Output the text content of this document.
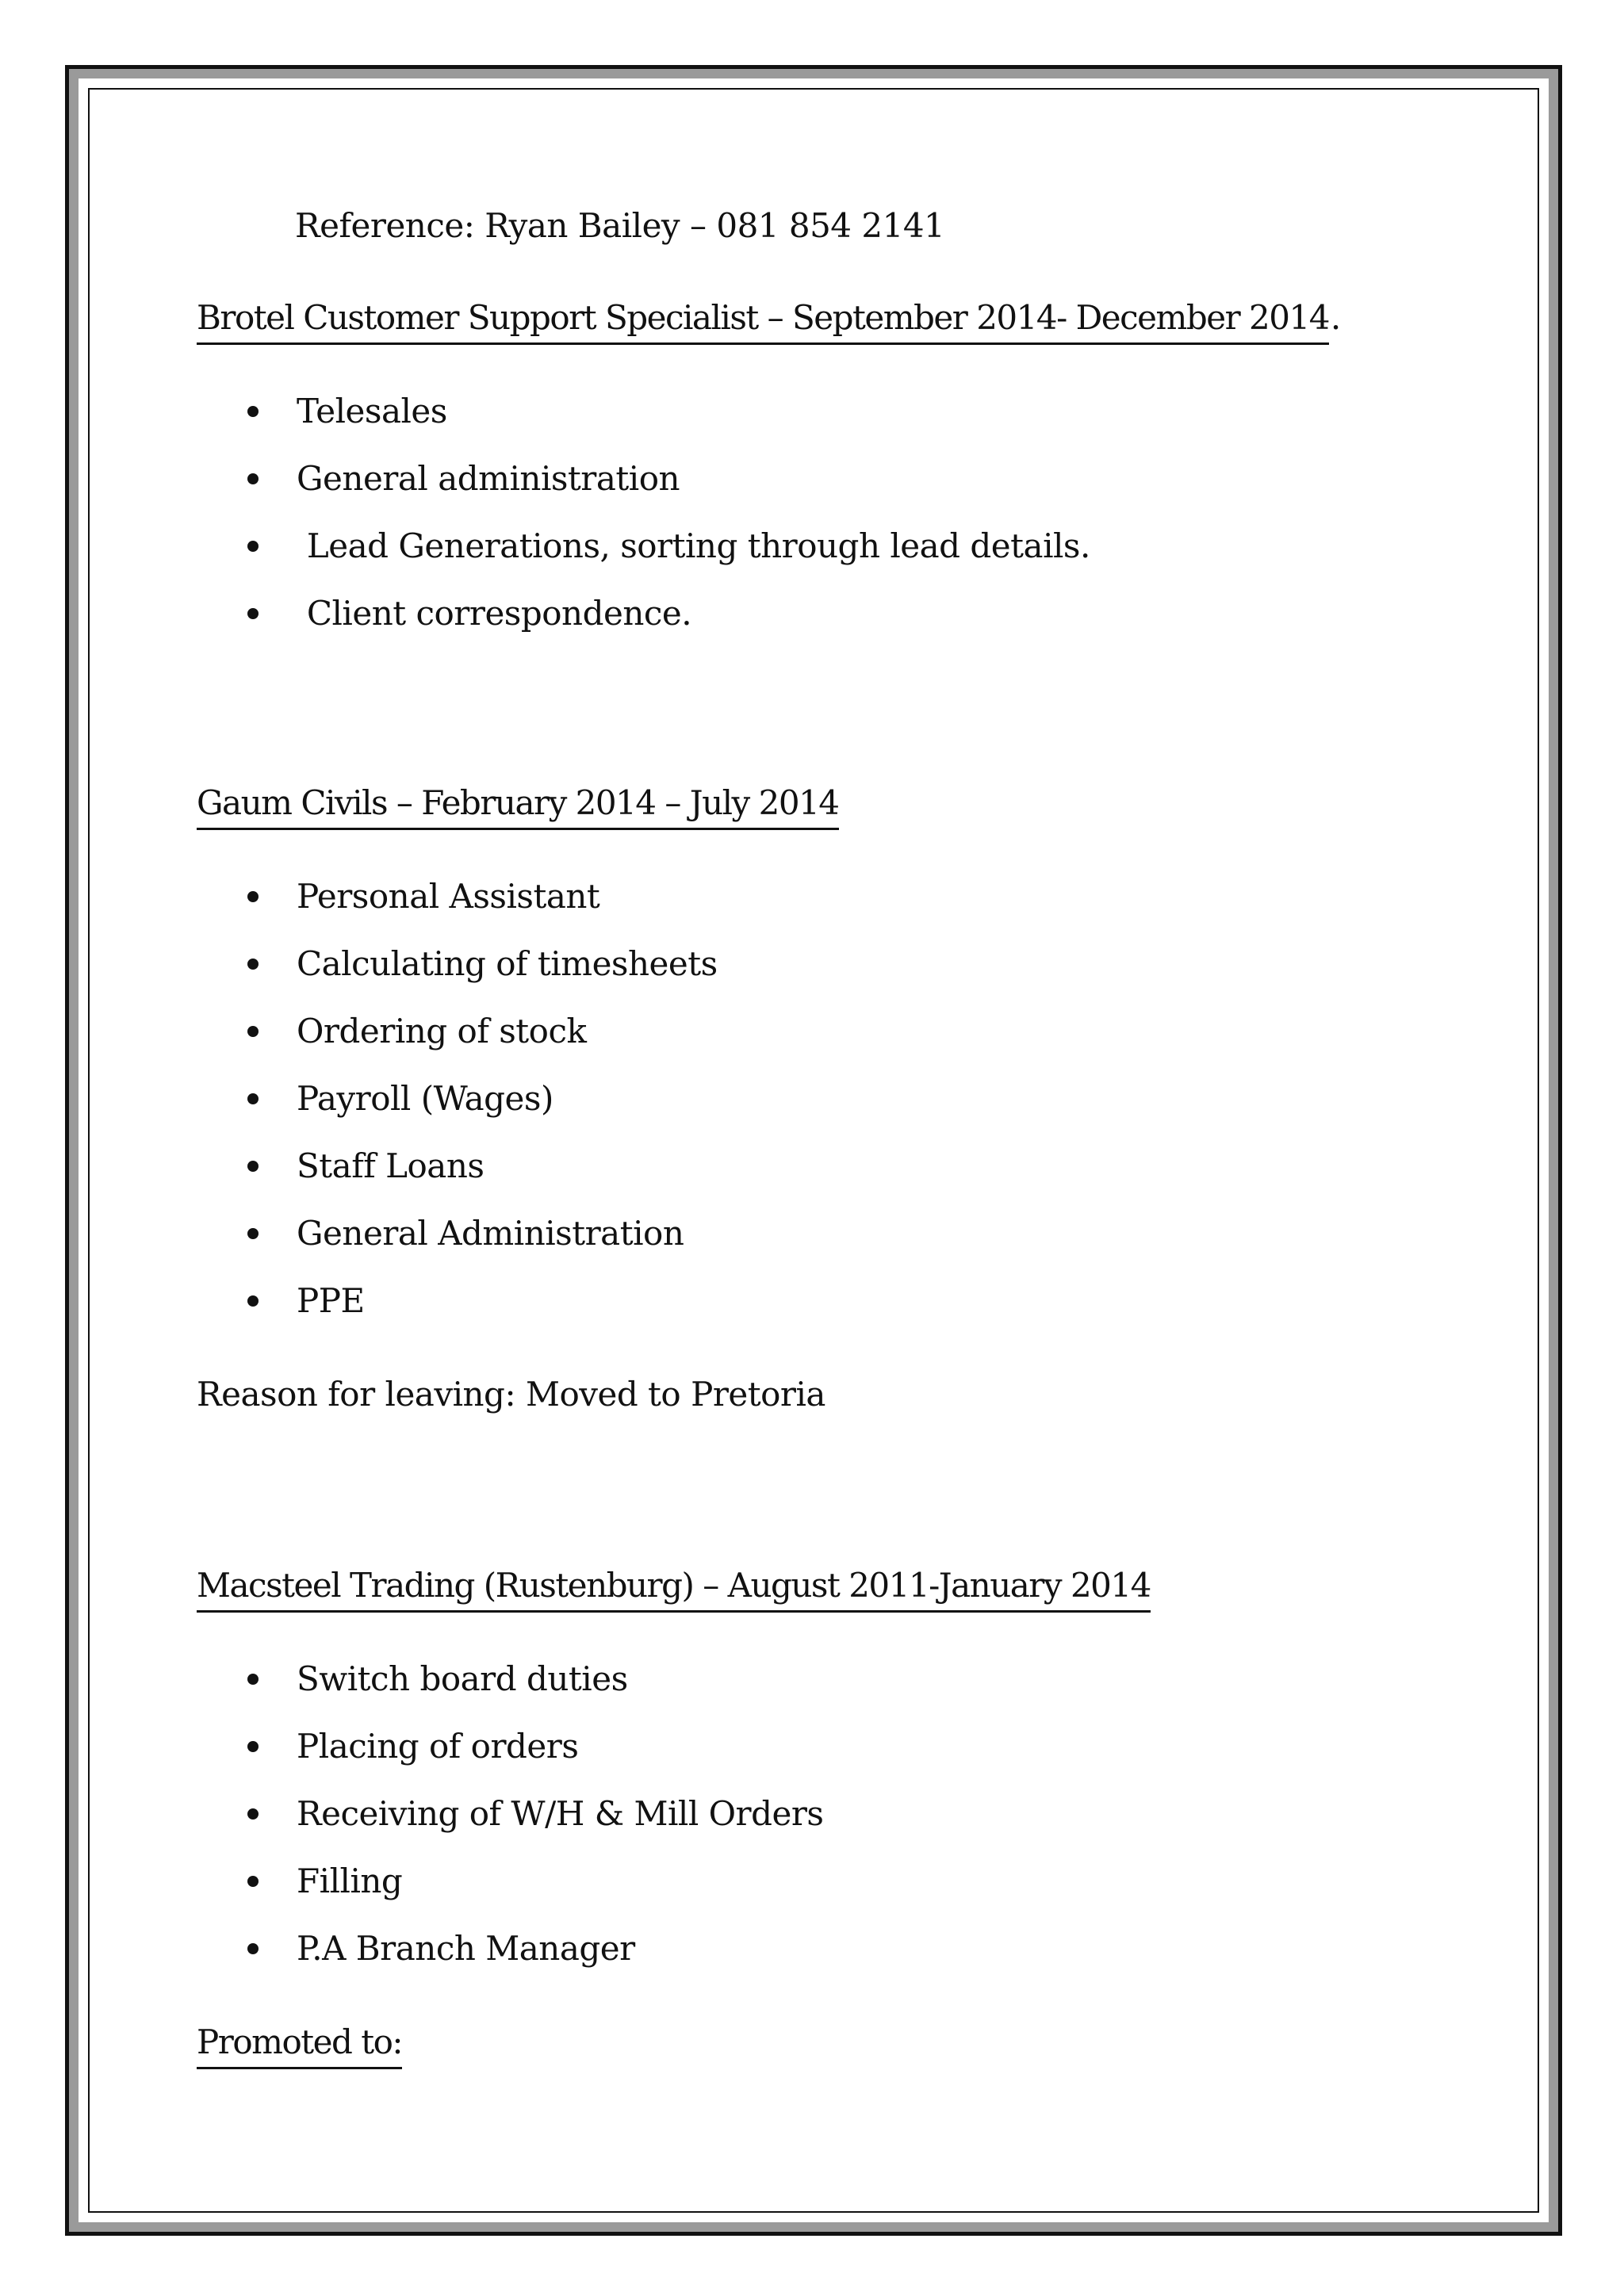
Reference: Ryan Bailey – 081 854 2141
Brotel Customer Support Specialist – September 2014- December 2014 .
Telesales
General administration
Lead Generations, sorting through lead details.
Client correspondence.
Gaum Civils – February 2014 – July 2014
Personal Assistant
Calculating of timesheets
Ordering of stock
Payroll (Wages)
Staff Loans
General Administration
PPE
Reason for leaving: Moved to Pretoria
Macsteel Trading (Rustenburg) – August 2011-January 2014
Switch board duties
Placing of orders
Receiving of W/H & Mill Orders
Filling
P.A Branch Manager
Promoted to:
